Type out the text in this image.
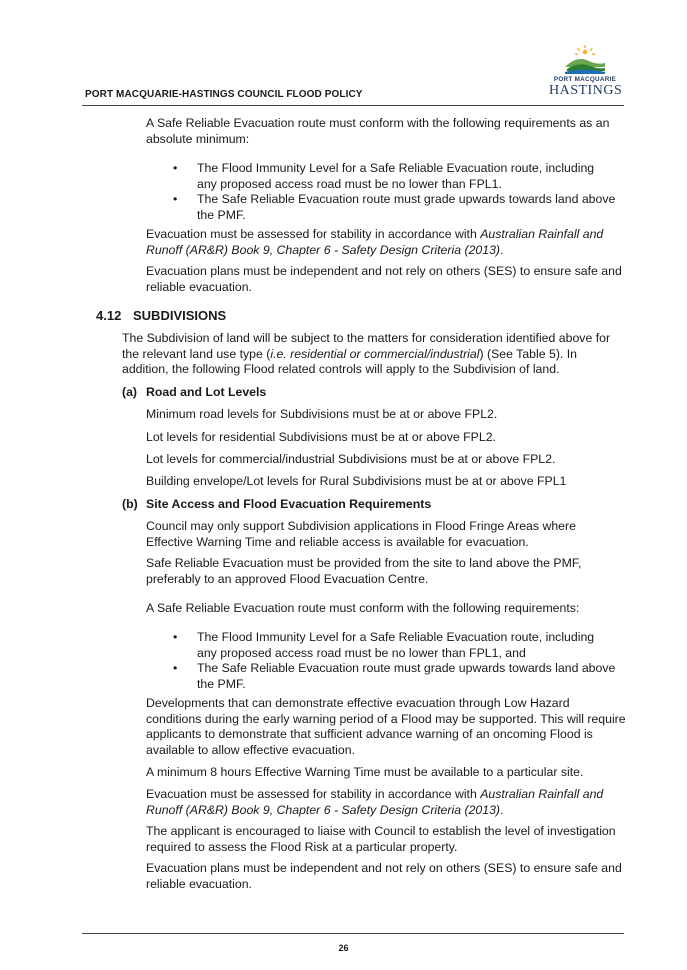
PORT MACQUARIE
HASTINGS
PORT MACQUARIE-HASTINGS COUNCIL FLOOD POLICY

A Safe Reliable Evacuation route must conform with the following requirements as an absolute minimum:

• The Flood Immunity Level for a Safe Reliable Evacuation route, including any proposed access road must be no lower than FPL1.
• The Safe Reliable Evacuation route must grade upwards towards land above the PMF.

Evacuation must be assessed for stability in accordance with Australian Rainfall and Runoff (AR&R) Book 9, Chapter 6 - Safety Design Criteria (2013).

Evacuation plans must be independent and not rely on others (SES) to ensure safe and reliable evacuation.

4.12 SUBDIVISIONS

The Subdivision of land will be subject to the matters for consideration identified above for the relevant land use type (i.e. residential or commercial/industrial) (See Table 5). In addition, the following Flood related controls will apply to the Subdivision of land.

(a) Road and Lot Levels

Minimum road levels for Subdivisions must be at or above FPL2.

Lot levels for residential Subdivisions must be at or above FPL2.

Lot levels for commercial/industrial Subdivisions must be at or above FPL2.

Building envelope/Lot levels for Rural Subdivisions must be at or above FPL1

(b) Site Access and Flood Evacuation Requirements

Council may only support Subdivision applications in Flood Fringe Areas where Effective Warning Time and reliable access is available for evacuation.

Safe Reliable Evacuation must be provided from the site to land above the PMF, preferably to an approved Flood Evacuation Centre.

A Safe Reliable Evacuation route must conform with the following requirements:

• The Flood Immunity Level for a Safe Reliable Evacuation route, including any proposed access road must be no lower than FPL1, and
• The Safe Reliable Evacuation route must grade upwards towards land above the PMF.

Developments that can demonstrate effective evacuation through Low Hazard conditions during the early warning period of a Flood may be supported. This will require applicants to demonstrate that sufficient advance warning of an oncoming Flood is available to allow effective evacuation.

A minimum 8 hours Effective Warning Time must be available to a particular site.

Evacuation must be assessed for stability in accordance with Australian Rainfall and Runoff (AR&R) Book 9, Chapter 6 - Safety Design Criteria (2013).

The applicant is encouraged to liaise with Council to establish the level of investigation required to assess the Flood Risk at a particular property.

Evacuation plans must be independent and not rely on others (SES) to ensure safe and reliable evacuation.

26
